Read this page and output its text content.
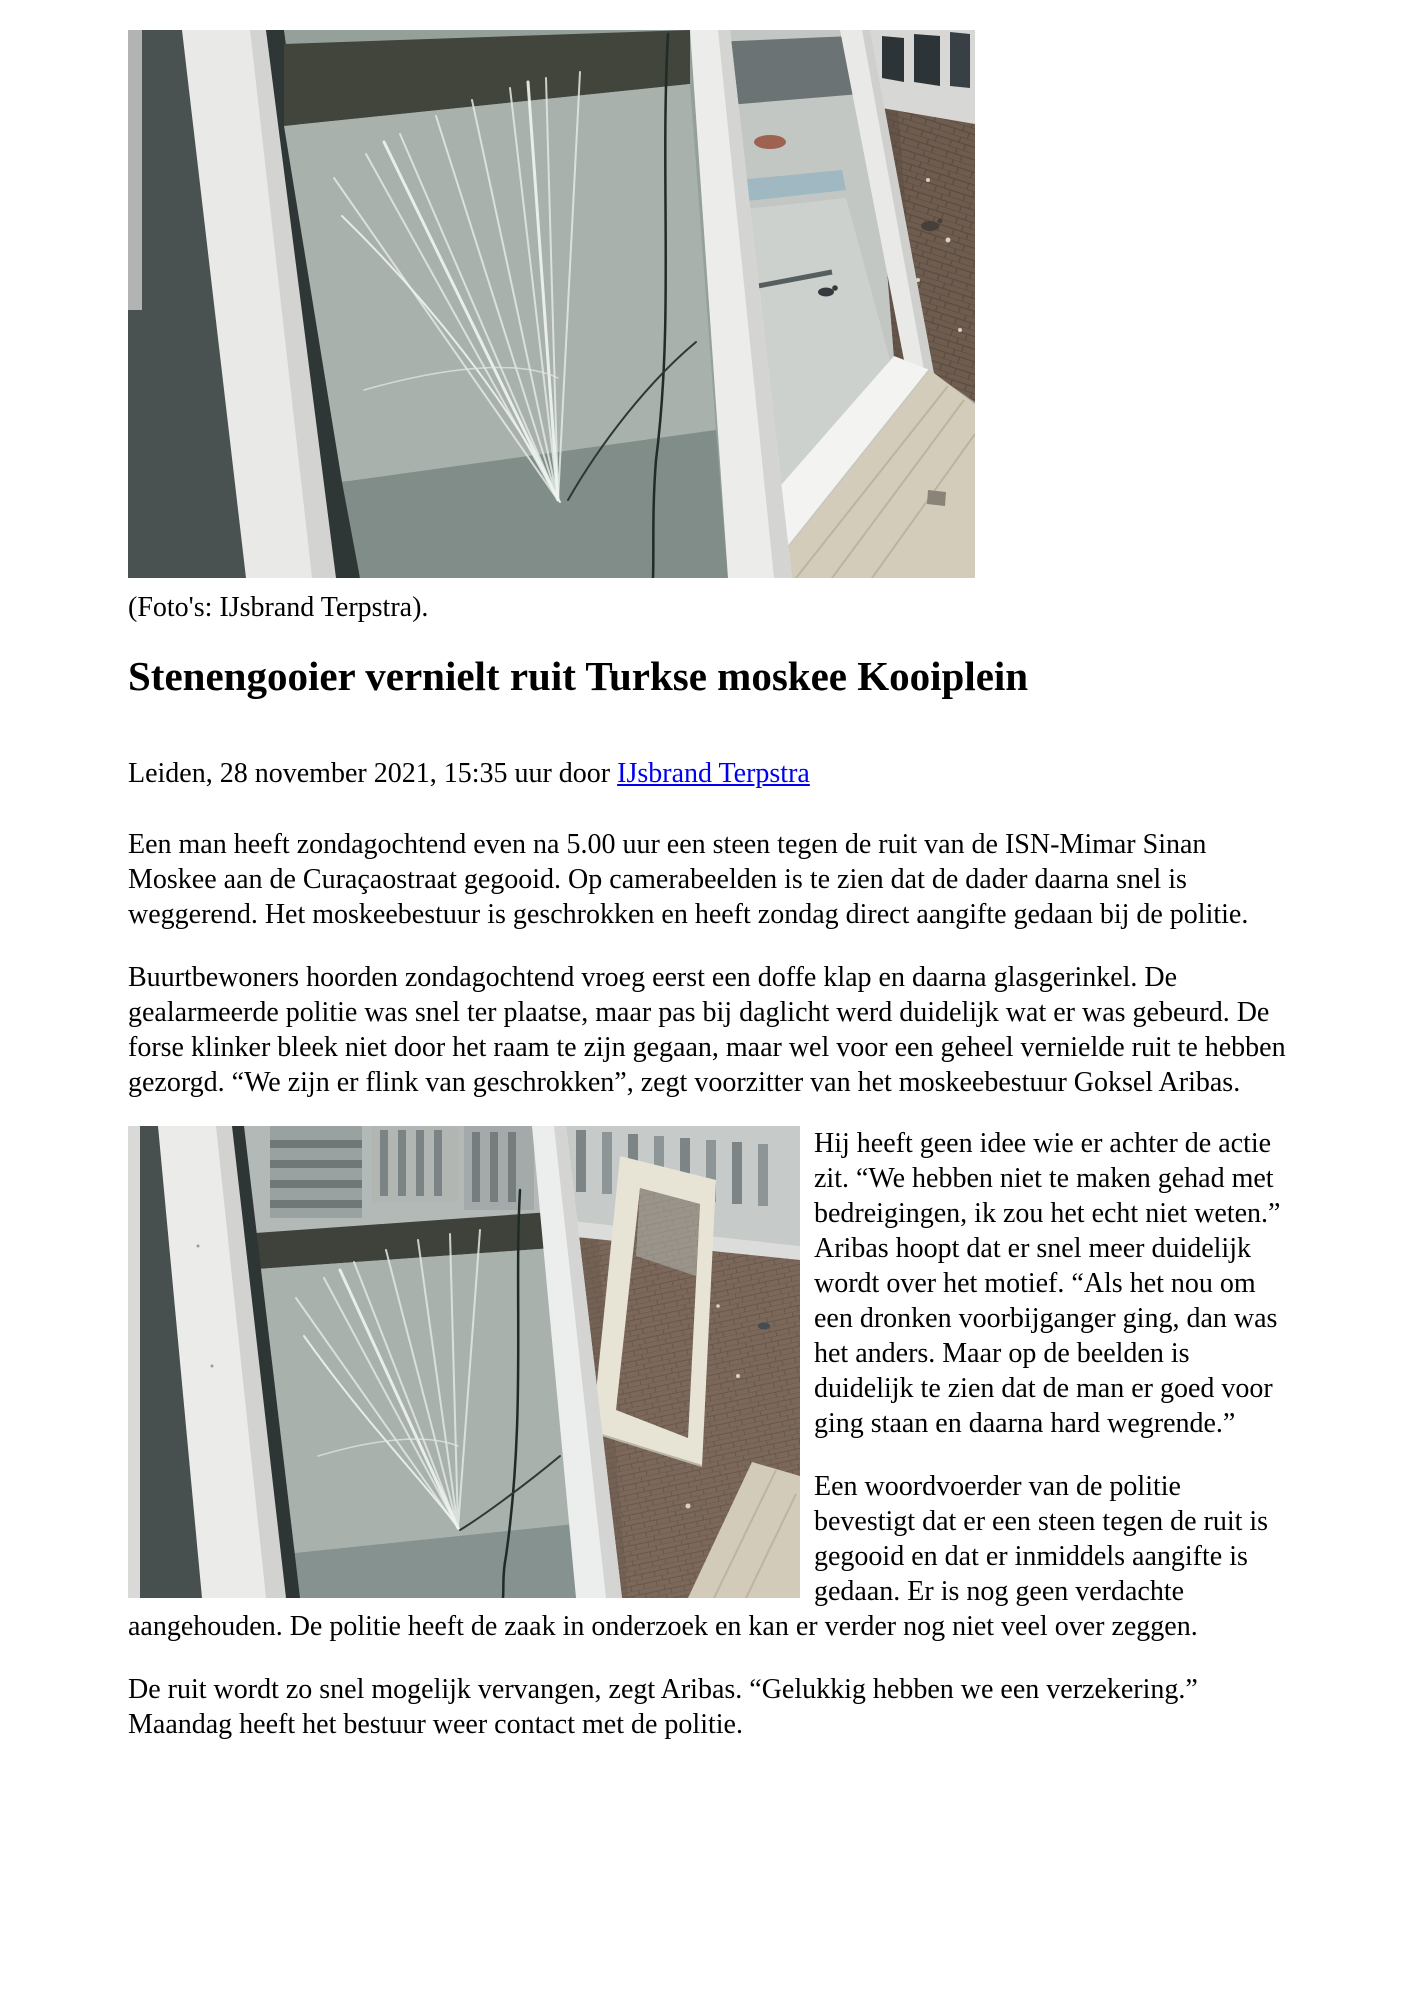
(Foto's: IJsbrand Terpstra).
Stenengooier vernielt ruit Turkse moskee Kooiplein
Leiden, 28 november 2021, 15:35 uur door IJsbrand Terpstra

Een man heeft zondagochtend even na 5.00 uur een steen tegen de ruit van de ISN-Mimar Sinan Moskee aan de Curaçaostraat gegooid. Op camerabeelden is te zien dat de dader daarna snel is weggerend. Het moskeebestuur is geschrokken en heeft zondag direct aangifte gedaan bij de politie.

Buurtbewoners hoorden zondagochtend vroeg eerst een doffe klap en daarna glasgerinkel. De gealarmeerde politie was snel ter plaatse, maar pas bij daglicht werd duidelijk wat er was gebeurd. De forse klinker bleek niet door het raam te zijn gegaan, maar wel voor een geheel vernielde ruit te hebben gezorgd. “We zijn er flink van geschrokken”, zegt voorzitter van het moskeebestuur Goksel Aribas.

Hij heeft geen idee wie er achter de actie zit. “We hebben niet te maken gehad met bedreigingen, ik zou het echt niet weten.” Aribas hoopt dat er snel meer duidelijk wordt over het motief. “Als het nou om een dronken voorbijganger ging, dan was het anders. Maar op de beelden is duidelijk te zien dat de man er goed voor ging staan en daarna hard wegrende.”

Een woordvoerder van de politie bevestigt dat er een steen tegen de ruit is gegooid en dat er inmiddels aangifte is gedaan. Er is nog geen verdachte aangehouden. De politie heeft de zaak in onderzoek en kan er verder nog niet veel over zeggen.

De ruit wordt zo snel mogelijk vervangen, zegt Aribas. “Gelukkig hebben we een verzekering.” Maandag heeft het bestuur weer contact met de politie.
